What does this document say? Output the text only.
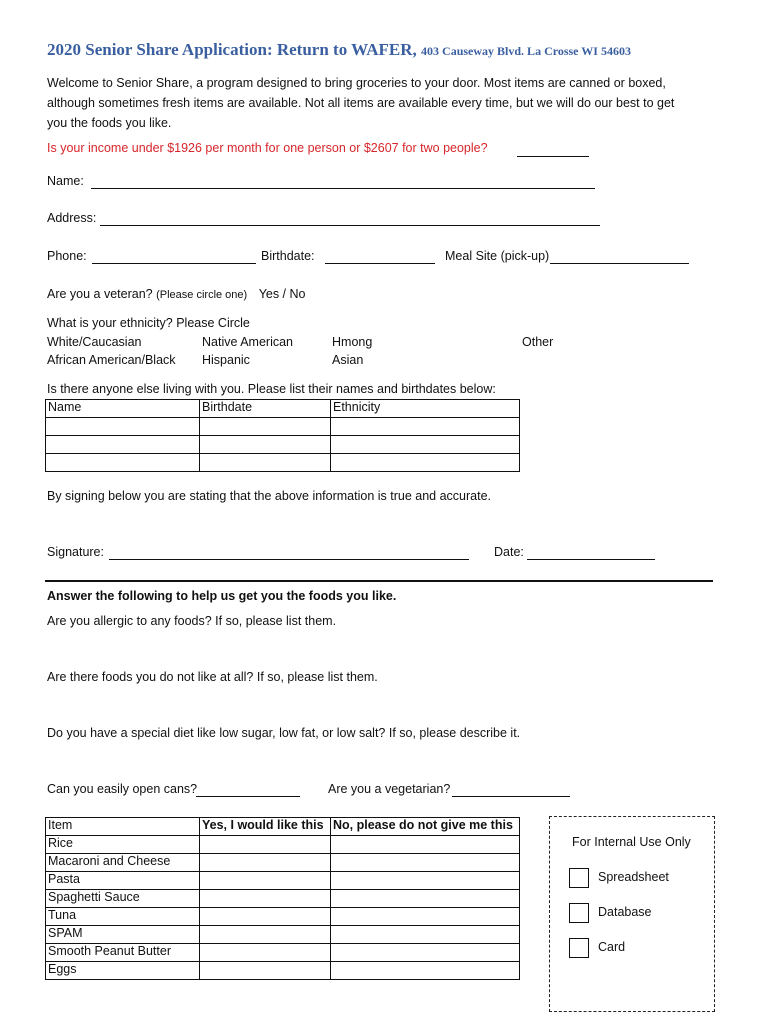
2020 Senior Share Application: Return to WAFER, 403 Causeway Blvd. La Crosse WI 54603
Welcome to Senior Share, a program designed to bring groceries to your door. Most items are canned or boxed, although sometimes fresh items are available. Not all items are available every time, but we will do our best to get you the foods you like.
Is your income under $1926 per month for one person or $2607 for two people?
Name:
Address:
Phone:	Birthdate:	Meal Site (pick-up)
Are you a veteran? (Please circle one) Yes / No
What is your ethnicity? Please Circle
White/Caucasian	Native American	Hmong	Other
African American/Black Hispanic	Asian
Is there anyone else living with you. Please list their names and birthdates below:
Name	Birthdate	Ethnicity

By signing below you are stating that the above information is true and accurate.
Signature:	Date:
Answer the following to help us get you the foods you like.
Are you allergic to any foods? If so, please list them.
Are there foods you do not like at all? If so, please list them.
Do you have a special diet like low sugar, low fat, or low salt? If so, please describe it.
Can you easily open cans?	Are you a vegetarian?
Item	Yes, I would like this	No, please do not give me this
Rice		
Macaroni and Cheese		
Pasta		
Spaghetti Sauce		
Tuna		
SPAM		
Smooth Peanut Butter		
Eggs		
For Internal Use Only
Spreadsheet
Database
Card
